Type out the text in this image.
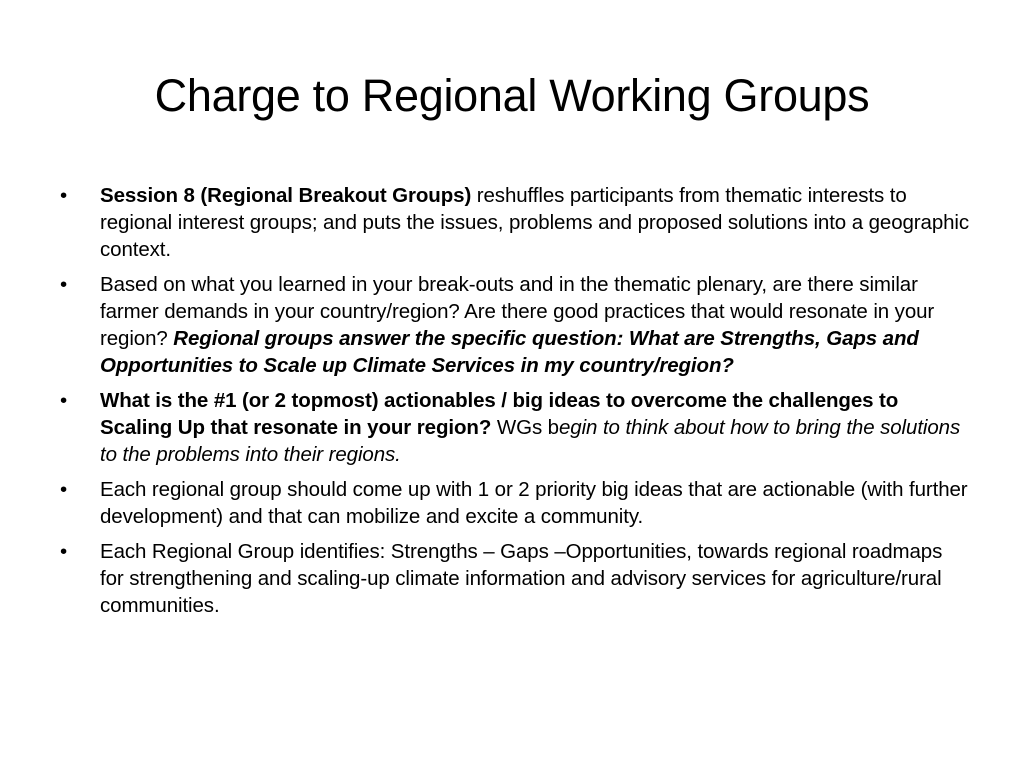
Charge to Regional Working Groups
•	Session 8 (Regional Breakout Groups) reshuffles participants from thematic interests to regional interest groups; and puts the issues, problems and proposed solutions into a geographic context.
•	Based on what you learned in your break-outs and in the thematic plenary, are there similar farmer demands in your country/region? Are there good practices that would resonate in your region? Regional groups answer the specific question: What are Strengths, Gaps and Opportunities to Scale up Climate Services in my country/region?
•	What is the #1 (or 2 topmost) actionables / big ideas to overcome the challenges to Scaling Up that resonate in your region? WGs begin to think about how to bring the solutions to the problems into their regions.
•	Each regional group should come up with 1 or 2 priority big ideas that are actionable (with further development) and that can mobilize and excite a community.
•	Each Regional Group identifies: Strengths – Gaps –Opportunities, towards regional roadmaps for strengthening and scaling-up climate information and advisory services for agriculture/rural communities.
